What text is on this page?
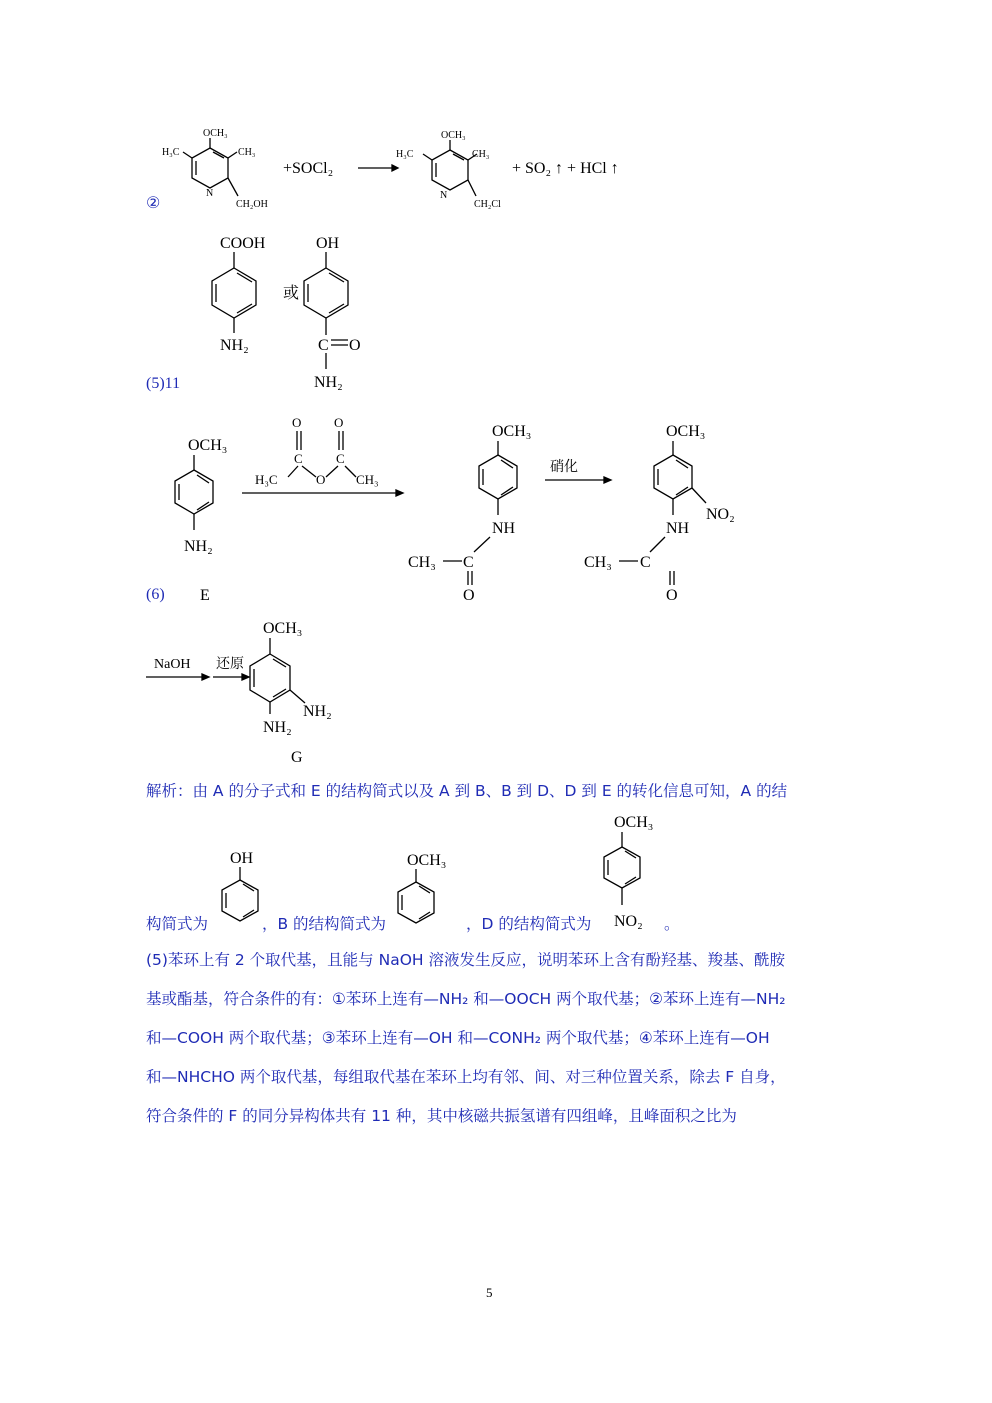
②
(5)11
(6)
OCH₃
H₃C	CH₃
CH₂OH
N
+SOCl₂
OCH₃
H₃C	CH₃
CH₂Cl
N
+ SO₂ ↑ + HCl ↑
COOH
NH₂
或
OH
C O
NH₂
OCH₃
NH₂
O
C
H₃C	O
C
O
CH₃
OCH₃
NH
C
CH₃
O
硝化
OCH₃
NO₂
NH
C
CH₃
O
E
NaOH 还原
OCH₃
NH₂
NH₂
G
OH	OCH₃
OCH₃
NO₂
解析：由 A 的分子式和 E 的结构简式以及 A 到 B、B 到 D、D 到 E 的转化信息可知，A 的结
构简式为	，B 的结构简式为	，D 的结构简式为	。
(5)苯环上有 2 个取代基，且能与 NaOH 溶液发生反应，说明苯环上含有酚羟基、羧基、酰胺
基或酯基，符合条件的有：①苯环上连有—NH₂ 和—OOCH 两个取代基；②苯环上连有—NH₂
和—COOH 两个取代基；③苯环上连有—OH 和—CONH₂ 两个取代基；④苯环上连有—OH
和—NHCHO 两个取代基，每组取代基在苯环上均有邻、间、对三种位置关系，除去 F 自身，
符合条件的 F 的同分异构体共有 11 种，其中核磁共振氢谱有四组峰，且峰面积之比为
5
